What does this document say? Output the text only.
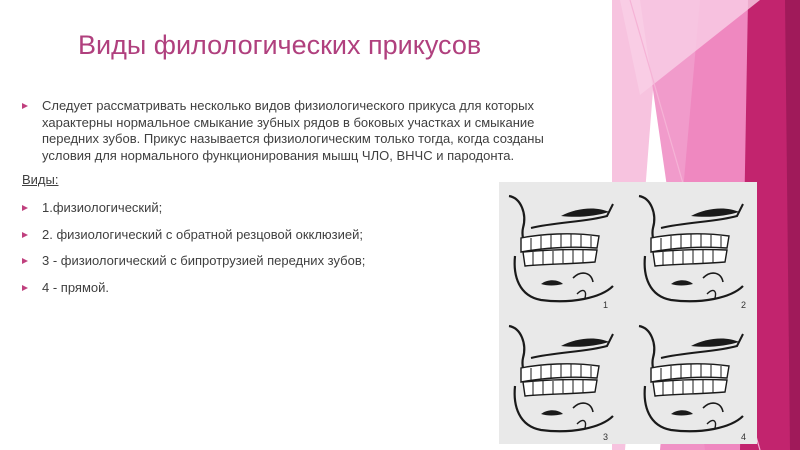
Виды филологических прикусов
Следует рассматривать несколько видов физиологического прикуса для которых характерны нормальное смыкание зубных рядов в боковых участках и смыкание передних зубов. Прикус называется физиологическим только тогда, когда созданы условия для нормального функционирования мышц ЧЛО, ВНЧС и пародонта.
Виды:
1.физиологический;
2. физиологический с обратной резцовой окклюзией;
3 - физиологический с бипротрузией передних зубов;
4 - прямой.
1	2
3	4
